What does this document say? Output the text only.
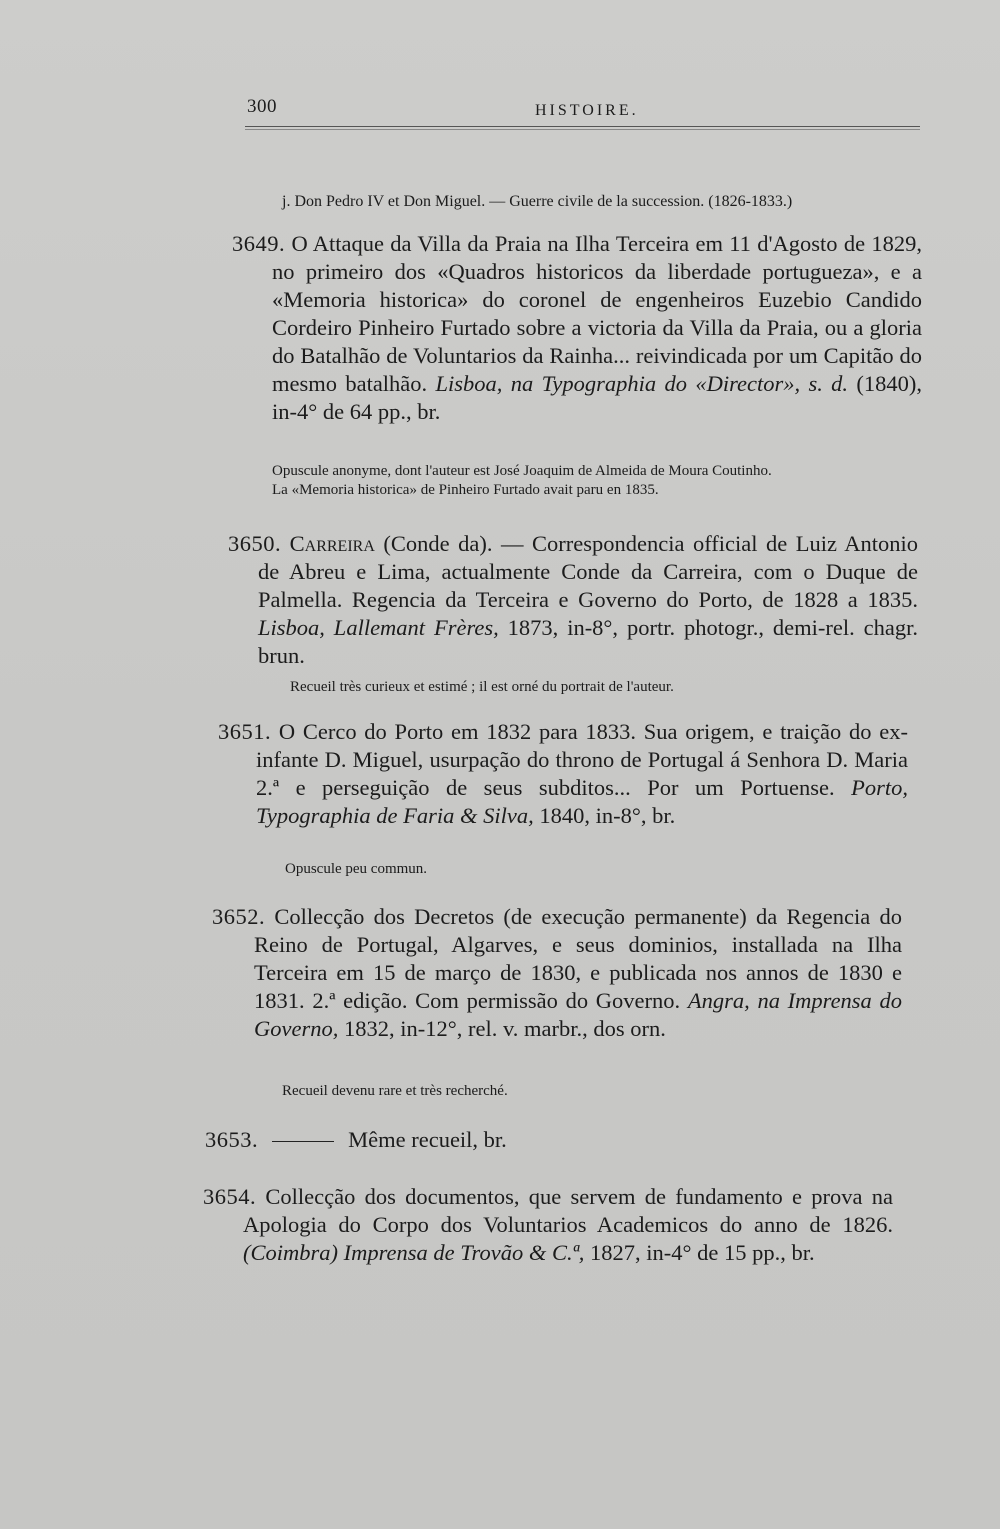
300	HISTOIRE.
j. Don Pedro IV et Don Miguel. — Guerre civile de la succession. (1826-1833.)
3649. O Attaque da Villa da Praia na Ilha Terceira em 11 d'Agosto de 1829, no primeiro dos «Quadros historicos da liberdade portugueza», e a «Memoria historica» do coronel de engenheiros Euzebio Candido Cordeiro Pinheiro Furtado sobre a victoria da Villa da Praia, ou a gloria do Batalhão de Voluntarios da Rainha... reivindicada por um Capitão do mesmo batalhão. Lisboa, na Typographia do «Director», s. d. (1840), in-4° de 64 pp., br.
Opuscule anonyme, dont l'auteur est José Joaquim de Almeida de Moura Coutinho.
La «Memoria historica» de Pinheiro Furtado avait paru en 1835.
3650. Carreira (Conde da). — Correspondencia official de Luiz Antonio de Abreu e Lima, actualmente Conde da Carreira, com o Duque de Palmella. Regencia da Terceira e Governo do Porto, de 1828 a 1835. Lisboa, Lallemant Frères, 1873, in-8°, portr. photogr., demi-rel. chagr. brun.
Recueil très curieux et estimé ; il est orné du portrait de l'auteur.
3651. O Cerco do Porto em 1832 para 1833. Sua origem, e traição do ex-infante D. Miguel, usurpação do throno de Portugal á Senhora D. Maria 2.ª e perseguição de seus subditos... Por um Portuense. Porto, Typographia de Faria & Silva, 1840, in-8°, br.
Opuscule peu commun.
3652. Collecção dos Decretos (de execução permanente) da Regencia do Reino de Portugal, Algarves, e seus dominios, installada na Ilha Terceira em 15 de março de 1830, e publicada nos annos de 1830 e 1831. 2.ª edição. Com permissão do Governo. Angra, na Imprensa do Governo, 1832, in-12°, rel. v. marbr., dos orn.
Recueil devenu rare et très recherché.
3653.	Même recueil, br.
3654. Collecção dos documentos, que servem de fundamento e prova na Apologia do Corpo dos Voluntarios Academicos do anno de 1826. (Coimbra) Imprensa de Trovão & C.ª, 1827, in-4° de 15 pp., br.
